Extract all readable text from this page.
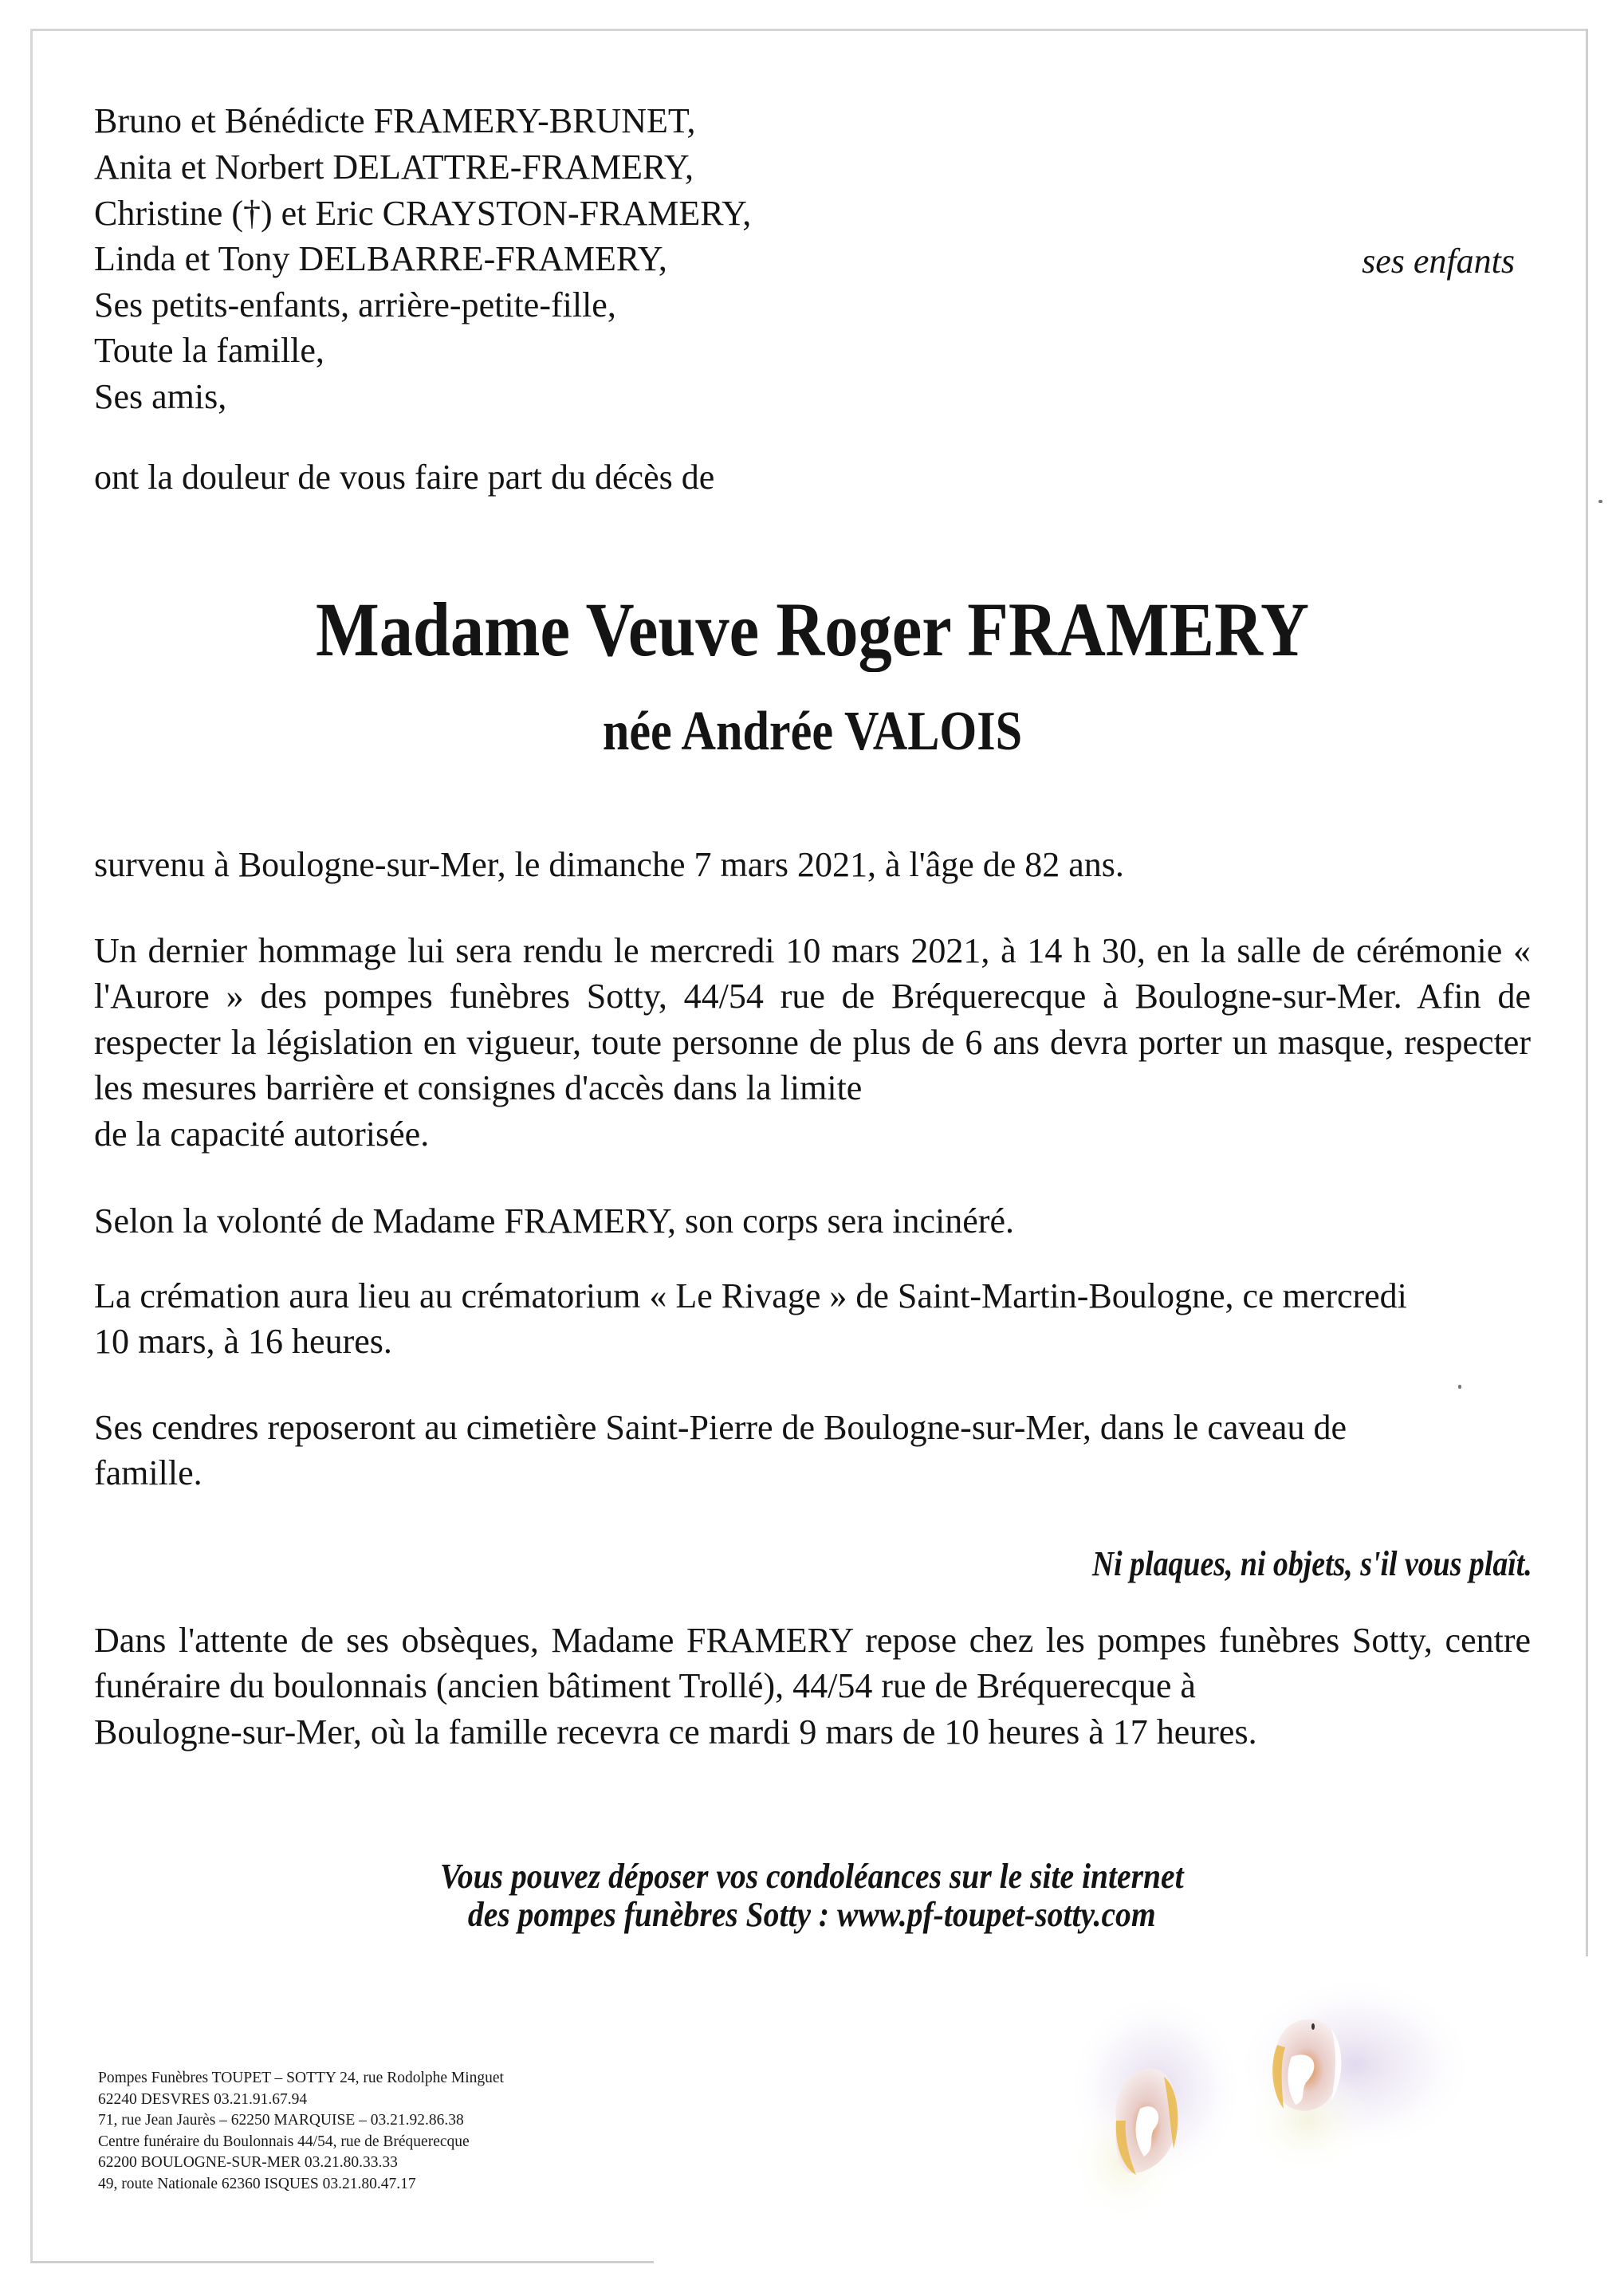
Bruno et Bénédicte FRAMERY-BRUNET,
Anita et Norbert DELATTRE-FRAMERY,
Christine (†) et Eric CRAYSTON-FRAMERY,
Linda et Tony DELBARRE-FRAMERY,
Ses petits-enfants, arrière-petite-fille,
Toute la famille,
Ses amis,
ses enfants
ont la douleur de vous faire part du décès de
Madame Veuve Roger FRAMERY
née Andrée VALOIS
survenu à Boulogne-sur-Mer, le dimanche 7 mars 2021, à l'âge de 82 ans.
Un dernier hommage lui sera rendu le mercredi 10 mars 2021, à 14 h 30, en la salle de cérémonie « l'Aurore » des pompes funèbres Sotty, 44/54 rue de Bréquerecque à Boulogne-sur-Mer. Afin de respecter la législation en vigueur, toute personne de plus de 6 ans devra porter un masque, respecter les mesures barrière et consignes d'accès dans la limite
de la capacité autorisée.
Selon la volonté de Madame FRAMERY, son corps sera incinéré.
La crémation aura lieu au crématorium « Le Rivage » de Saint-Martin-Boulogne, ce mercredi
10 mars, à 16 heures.
Ses cendres reposeront au cimetière Saint-Pierre de Boulogne-sur-Mer, dans le caveau de
famille.
Ni plaques, ni objets, s'il vous plaît.
Dans l'attente de ses obsèques, Madame FRAMERY repose chez les pompes funèbres Sotty, centre funéraire du boulonnais (ancien bâtiment Trollé), 44/54 rue de Bréquerecque à
Boulogne-sur-Mer, où la famille recevra ce mardi 9 mars de 10 heures à 17 heures.
Vous pouvez déposer vos condoléances sur le site internet
des pompes funèbres Sotty : www.pf-toupet-sotty.com
Pompes Funèbres TOUPET – SOTTY 24, rue Rodolphe Minguet
62240 DESVRES 03.21.91.67.94
71, rue Jean Jaurès – 62250 MARQUISE – 03.21.92.86.38
Centre funéraire du Boulonnais 44/54, rue de Bréquerecque
62200 BOULOGNE-SUR-MER 03.21.80.33.33
49, route Nationale 62360 ISQUES 03.21.80.47.17
